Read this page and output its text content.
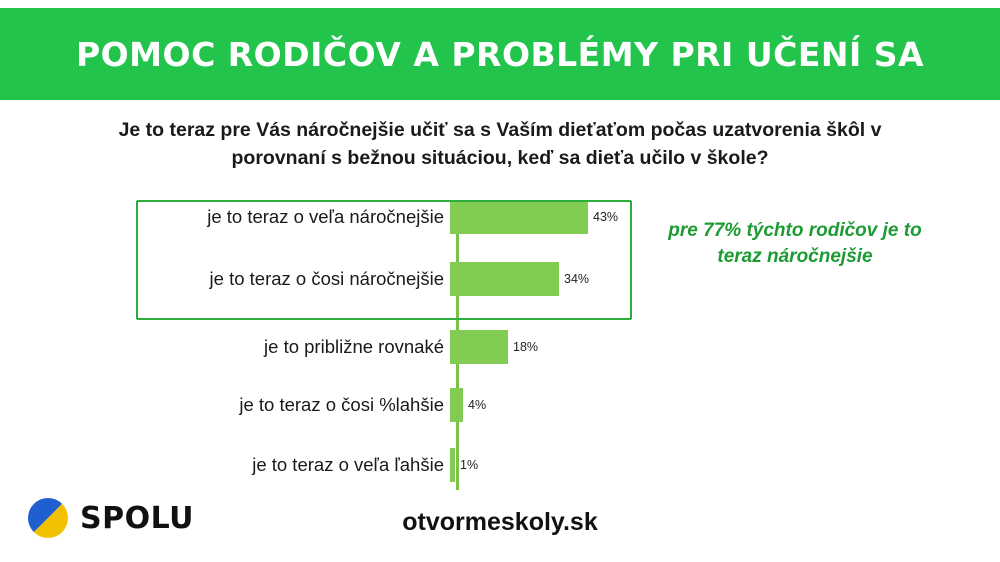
POMOC RODIČOV A PROBLÉMY PRI UČENÍ SA
Je to teraz pre Vás náročnejšie učiť sa s Vaším dieťaťom počas uzatvorenia škôl v porovnaní s bežnou situáciou, keď sa dieťa učilo v škole?
je to teraz o veľa náročnejšie	43%
je to teraz o čosi náročnejšie	34%
je to približne rovnaké	18%
je to teraz o čosi %lahšie	4%
je to teraz o veľa ľahšie	1%
pre 77% týchto rodičov je to teraz náročnejšie
SPOLU	otvormeskoly.sk
